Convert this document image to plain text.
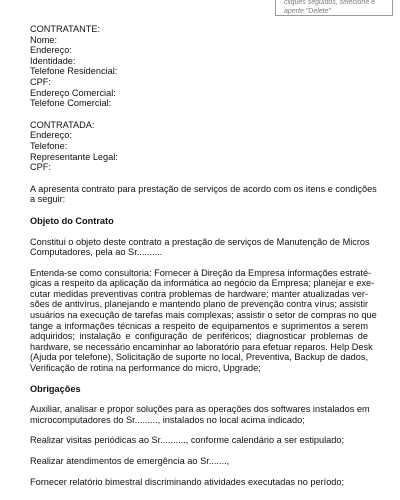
cliques seguidos, selecione e
aperte "Delete"
CONTRATANTE:
Nome:
Endereço:
Identidade:
Telefone Residencial:
CPF:
Endereço Comercial:
Telefone Comercial:
CONTRATADA:
Endereço:
Telefone:
Representante Legal:
CPF:
A apresenta contrato para prestação de serviços de acordo com os itens e condições
a seguir:
Objeto do Contrato
Constitui o objeto deste contrato a prestação de serviços de Manutenção de Micros
Computadores, pela ao Sr..........
Entenda-se como consultoria: Fornecer à Direção da Empresa informações estraté-
gicas a respeito da aplicação da informática ao negócio da Empresa; planejar e exe-
cutar medidas preventivas contra problemas de hardware; manter atualizadas ver-
sões de antivírus, planejando e mantendo plano de prevenção contra vírus; assistir
usuários na execução de tarefas mais complexas; assistir o setor de compras no que
tange a informações técnicas a respeito de equipamentos e suprimentos a serem
adquiridos; instalação e configuração de periféricos; diagnosticar problemas de
hardware, se necessário encaminhar ao laboratório para efetuar reparos. Help Desk
(Ajuda por telefone), Solicitação de suporte no local, Preventiva, Backup de dados,
Verificação de rotina na performance do micro, Upgrade;
Obrigações
Auxiliar, analisar e propor soluções para as operações dos softwares instalados em
microcomputadores do Sr........., instalados no local acima indicado;
Realizar visitas periódicas ao Sr.........., conforme calendário a ser estipulado;
Realizar atendimentos de emergência ao Sr.......,
Fornecer relatório bimestral discriminando atividades executadas no período;
